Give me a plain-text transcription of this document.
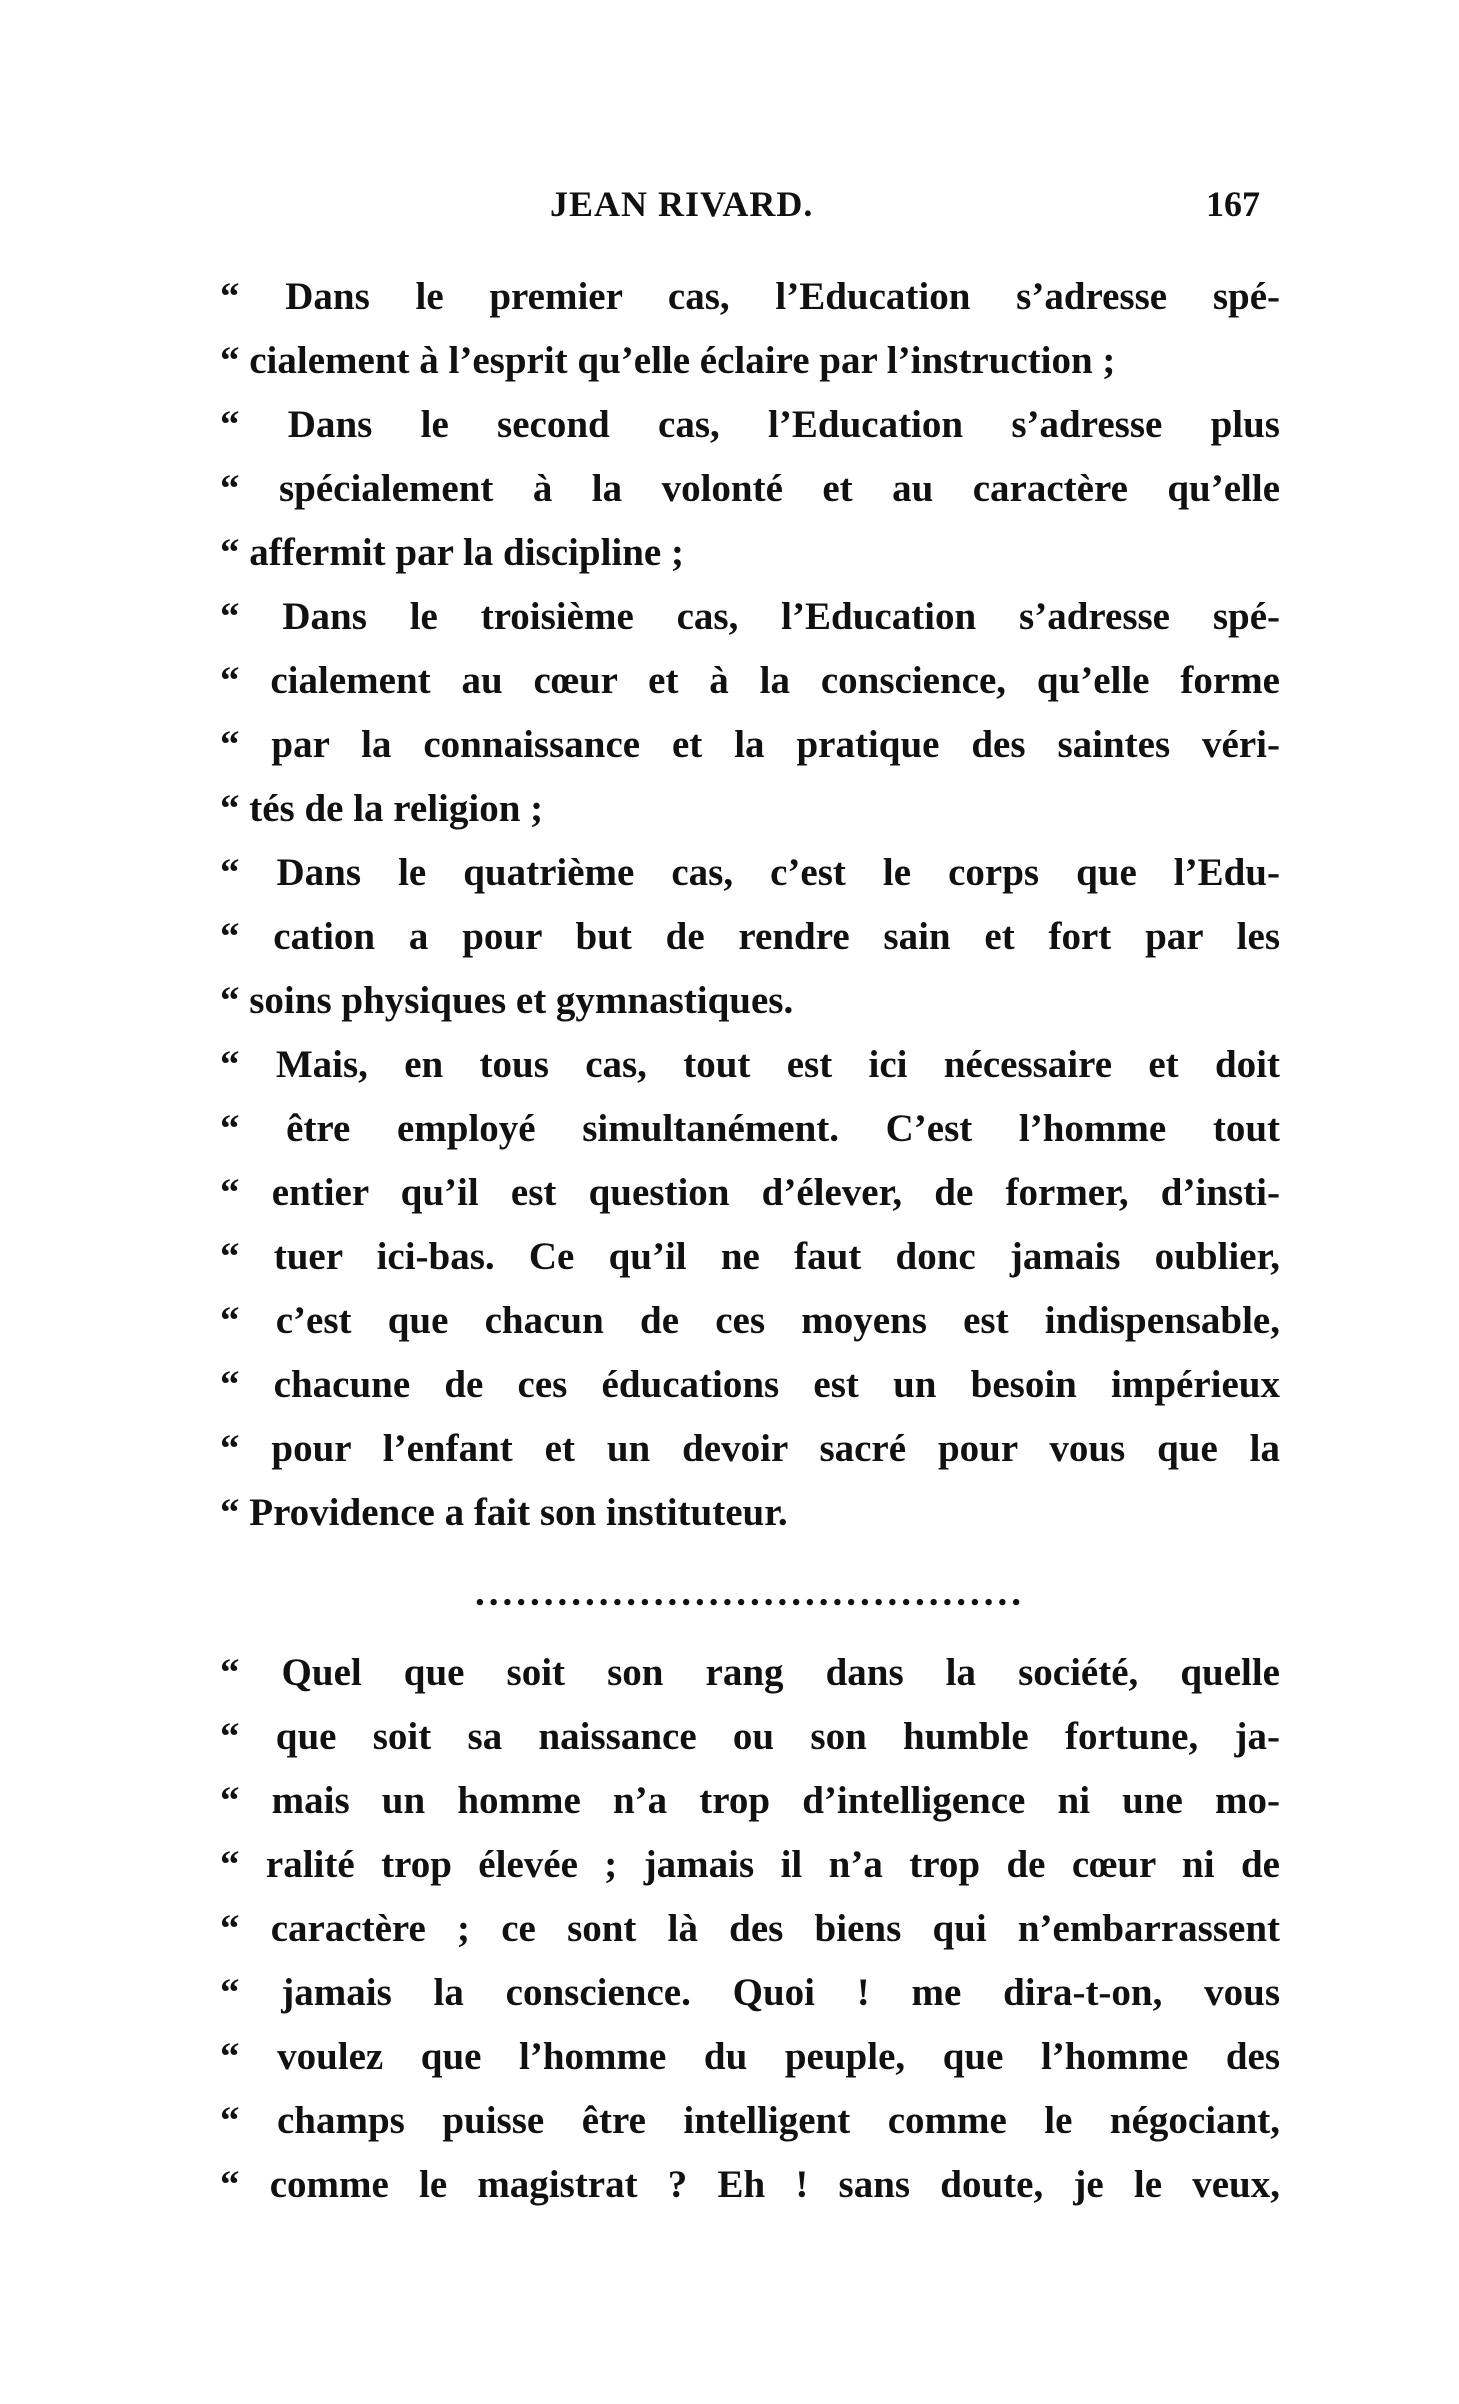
JEAN RIVARD.	167
“ Dans le premier cas, l’Education s’adresse spé-
“ cialement à l’esprit qu’elle éclaire par l’instruction ;
“ Dans le second cas, l’Education s’adresse plus
“ spécialement à la volonté et au caractère qu’elle
“ affermit par la discipline ;
“ Dans le troisième cas, l’Education s’adresse spé-
“ cialement au cœur et à la conscience, qu’elle forme
“ par la connaissance et la pratique des saintes véri-
“ tés de la religion ;
“ Dans le quatrième cas, c’est le corps que l’Edu-
“ cation a pour but de rendre sain et fort par les
“ soins physiques et gymnastiques.
“ Mais, en tous cas, tout est ici nécessaire et doit
“ être employé simultanément. C’est l’homme tout
“ entier qu’il est question d’élever, de former, d’insti-
“ tuer ici-bas. Ce qu’il ne faut donc jamais oublier,
“ c’est que chacun de ces moyens est indispensable,
“ chacune de ces éducations est un besoin impérieux
“ pour l’enfant et un devoir sacré pour vous que la
“ Providence a fait son instituteur.
........................................
“ Quel que soit son rang dans la société, quelle
“ que soit sa naissance ou son humble fortune, ja-
“ mais un homme n’a trop d’intelligence ni une mo-
“ ralité trop élevée ; jamais il n’a trop de cœur ni de
“ caractère ; ce sont là des biens qui n’embarrassent
“ jamais la conscience. Quoi ! me dira-t-on, vous
“ voulez que l’homme du peuple, que l’homme des
“ champs puisse être intelligent comme le négociant,
“ comme le magistrat ? Eh ! sans doute, je le veux,
